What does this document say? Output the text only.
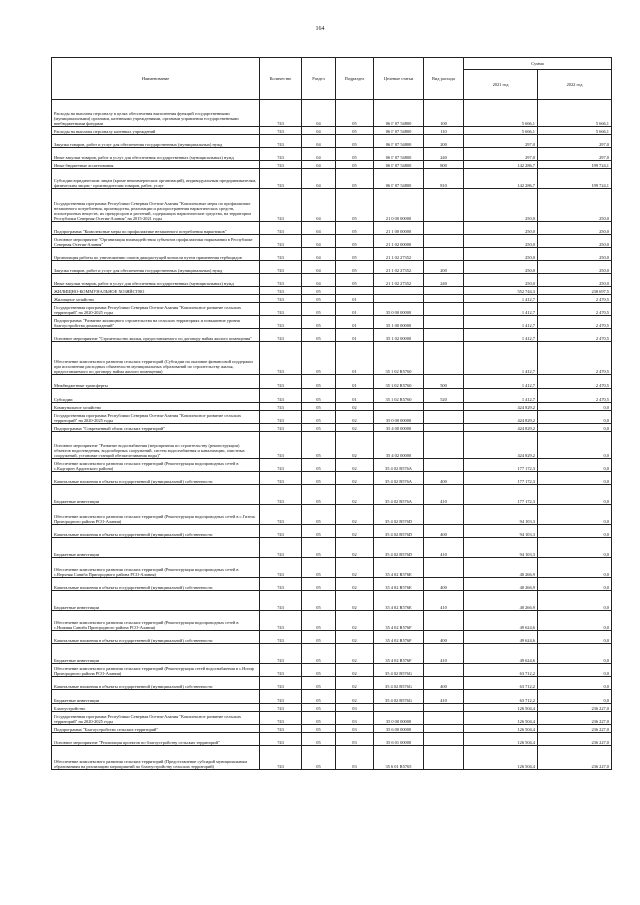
164
Наименование	Количество	Раздел	Подраздел	Целевые статьи	Вид расхода	Сумма	
						2021 год	2022 год
Расходы на выплаты персоналу в целях обеспечения выполнения функций государственными (муниципальными) органами, казенными учреждениями, органами управления государственными внебюджетными фондами	743	04	05	06 Г 07 54800	100	5 666,1	5 666,1
Расходы на выплаты персоналу казенных учреждений	743	04	05	06 Г 07 54800	110	5 666,1	5 666,1
Закупка товаров, работ и услуг для обеспечения государственных (муниципальных) нужд	743	04	05	06 Г 07 54800	200	297,0	297,0
Иные закупки товаров, работ и услуг для обеспечения государственных (муниципальных) нужд	743	04	05	06 Г 07 54800	240	297,0	297,0
Иные бюджетные ассигнования	743	04	05	06 Г 07 54800	800	142 286,7	199 724,1
Субсидии юридическим лицам (кроме некоммерческих организаций), индивидуальным предпринимателям, физическим лицам - производителям товаров, работ, услуг	743	04	05	06 Г 07 54800	810	142 286,7	199 724,1
Государственная программа Республики Северная Осетия-Алания "Комплексные меры по профилактике незаконного потребления, производства, реализации и распространения наркотических средств, психотропных веществ, их прекурсоров и растений, содержащих наркотические средства, на территории Республики Северная Осетия-Алания" на 2015-2021 годы	743	04	05	21 0 00 00000		250,0	250,0
Подпрограмма "Комплексные меры по профилактике незаконного потребления наркотиков"	743	04	05	21 1 00 00000		250,0	250,0
Основное мероприятие "Организация взаимодействия субъектов профилактики наркомании в Республике Северная Осетия-Алания"	743	04	05	21 1 02 00000		250,0	250,0
Организация работы по уничтожению очагов дикорастущей конопли путем применения гербицидов	743	04	05	21 1 02 27352		250,0	250,0
Закупка товаров, работ и услуг для обеспечения государственных (муниципальных) нужд	743	04	05	21 1 02 27352	200	250,0	250,0
Иные закупки товаров, работ и услуг для обеспечения государственных (муниципальных) нужд	743	04	05	21 1 02 27352	240	250,0	250,0
ЖИЛИЩНО-КОММУНАЛЬНОЕ ХОЗЯЙСТВО	743	05				552 744,3	238 697,5
Жилищное хозяйство	743	05	01			1 412,7	2 470,5
Государственная программа Республики Северная Осетия-Алания "Комплексное развитие сельских территорий" на 2020-2025 годы	743	05	01	35 0 00 00000		1 412,7	2 470,5
Подпрограмма "Развитие жилищного строительства на сельских территориях и повышение уровня благоустройства домовладений"	743	05	01	35 1 00 00000		1 412,7	2 470,5
Основное мероприятие "Строительство жилья, предоставляемого по договору найма жилого помещения"	743	05	01	35 1 02 00000		1 412,7	2 470,5
Обеспечение комплексного развития сельских территорий (Субсидии на оказание финансовой поддержки при исполнении расходных обязательств муниципальных образований по строительству жилья, предоставляемого по договору найма жилого помещения)	743	05	01	35 1 02 R5760		1 412,7	2 470,5
Межбюджетные трансферты	743	05	01	35 1 02 R5760	500	1 412,7	2 470,5
Субсидии	743	05	01	35 1 02 R5760	520	1 412,7	2 470,5
Коммунальное хозяйство	743	05	02			424 829,2	0,0
Государственная программа Республики Северная Осетия-Алания "Комплексное развитие сельских территорий" на 2020-2025 годы	743	05	02	35 0 00 00000		424 829,2	0,0
Подпрограмма "Современный облик сельских территорий"	743	05	02	35 4 00 00000		424 829,2	0,0
Основное мероприятие "Развитие водоснабжения (мероприятия по строительству (реконструкции) объектов водоотведения, водозаборных сооружений, систем водоснабжения и канализации, очистных сооружений, установке станций обезжелезивания воды)"	743	05	02	35 4 02 00000		424 829,2	0,0
Обеспечение комплексного развития сельских территорий (Реконструкция водопроводных сетей в с.Кадгарон Ардонского района)	743	05	02	35 4 02 R576A		177 172,3	0,0
Капитальные вложения в объекты государственной (муниципальной) собственности	743	05	02	35 4 02 R576A	400	177 172,3	0,0
Бюджетные инвестиции	743	05	02	35 4 02 R576A	410	177 172,3	0,0
Обеспечение комплексного развития сельских территорий (Реконструкция водопроводных сетей в с.Гизель Пригородного района РСО-Алания)	743	05	02	35 4 02 R576D		94 103,3	0,0
Капитальные вложения в объекты государственной (муниципальной) собственности	743	05	02	35 4 02 R576D	400	94 103,3	0,0
Бюджетные инвестиции	743	05	02	35 4 02 R576D	410	94 103,3	0,0
Обеспечение комплексного развития сельских территорий (Реконструкция водопроводных сетей в с.Верхняя Саниба Пригородного района РСО-Алания)	743	05	02	35 4 02 R576E		40 266,9	0,0
Капитальные вложения в объекты государственной (муниципальной) собственности	743	05	02	35 4 02 R576E	400	40 266,9	0,0
Бюджетные инвестиции	743	05	02	35 4 02 R576E	410	40 266,9	0,0
Обеспечение комплексного развития сельских территорий (Реконструкция водопроводных сетей в с.Нижняя Саниба Пригородного района РСО-Алания)	743	05	02	35 4 02 R576F		49 624,6	0,0
Капитальные вложения в объекты государственной (муниципальной) собственности	743	05	02	35 4 02 R576F	400	49 624,6	0,0
Бюджетные инвестиции	743	05	02	35 4 02 R576F	410	49 624,6	0,0
Обеспечение комплексного развития сельских территорий (Реконструкция сетей водоснабжения в с.Ногир Пригородного района РСО-Алания)	743	05	02	35 4 02 R576G		63 712,2	0,0
Капитальные вложения в объекты государственной (муниципальной) собственности	743	05	02	35 4 02 R576G	400	63 712,2	0,0
Бюджетные инвестиции	743	05	02	35 4 02 R576G	410	63 712,2	0,0
Благоустройство	743	05	03			126 504,4	236 227,0
Государственная программа Республики Северная Осетия-Алания "Комплексное развитие сельских территорий" на 2020-2025 годы	743	05	03	35 0 00 00000		126 504,4	236 227,0
Подпрограмма "Благоустройство сельских территорий"	743	05	03	35 6 00 00000		126 504,4	236 227,0
Основное мероприятие "Реализация проектов по благоустройству сельских территорий"	743	05	03	35 6 01 00000		126 504,4	236 227,0
Обеспечение комплексного развития сельских территорий (Предоставление субсидий муниципальным образованиям на реализацию мероприятий по благоустройству сельских территорий)	743	05	03	35 6 01 R5765		126 504,4	236 227,0
